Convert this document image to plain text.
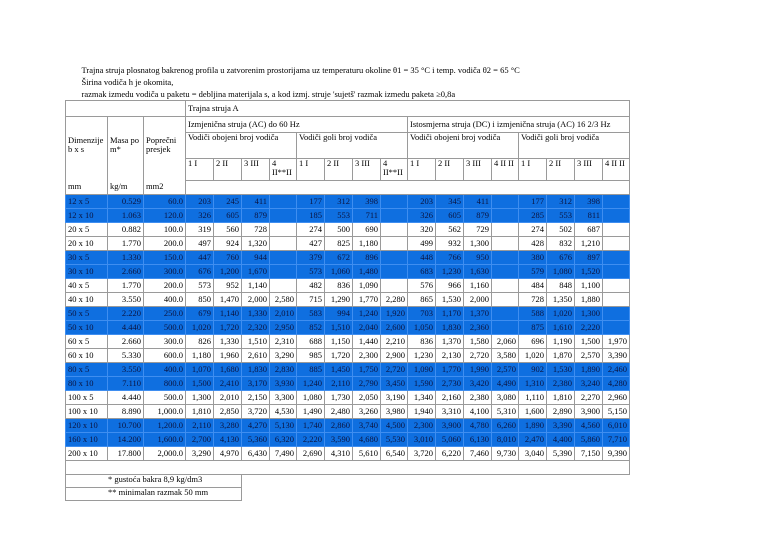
Trajna struja plosnatog bakrenog profila u zatvorenim prostorijama uz temperaturu okoline θ1 = 35 °C i temp. vodiča θ2 = 65 °C
Širina vodiča h je okomita,
razmak izmedu vodiča u paketu = debljina materijala s, a kod izmj. struje 'sujetš' razmak izmedu paketa ≥0,8a																		

			Trajna struja A															
			Izmjenična struja (AC) do 60 Hz								Istosmjerna struja (DC) i izmjenična struja (AC) 16 2/3 Hz							
Dimenzije b x s	Masa po m*	Poprečni presjek	Vodiči obojeni broj vodiča				Vodiči goli broj vodiča				Vodiči obojeni broj vodiča				Vodiči goli broj vodiča			
			1 I	2 II	3 III	4 II**II	1 I	2 II	3 III	4 II**II	1 I	2 II	3 III	4 II II	1 I	2 II	3 III	4 II II
mm	kg/m	mm2																
12 x 5	0.529	60.0	203	245	411		177	312	398		203	345	411		177	312	398	
12 x 10	1.063	120.0	326	605	879		185	553	711		326	605	879		285	553	811	
20 x 5	0.882	100.0	319	560	728		274	500	690		320	562	729		274	502	687	
20 x 10	1.770	200.0	497	924	1,320		427	825	1,180		499	932	1,300		428	832	1,210	
30 x 5	1.330	150.0	447	760	944		379	672	896		448	766	950		380	676	897	
30 x 10	2.660	300.0	676	1,200	1,670		573	1,060	1,480		683	1,230	1,630		579	1,080	1,520	
40 x 5	1.770	200.0	573	952	1,140		482	836	1,090		576	966	1,160		484	848	1,100	
40 x 10	3.550	400.0	850	1,470	2,000	2,580	715	1,290	1,770	2,280	865	1,530	2,000		728	1,350	1,880	
50 x 5	2.220	250.0	679	1,140	1,330	2,010	583	994	1,240	1,920	703	1,170	1,370		588	1,020	1,300	
50 x 10	4.440	500.0	1,020	1,720	2,320	2,950	852	1,510	2,040	2,600	1,050	1,830	2,360		875	1,610	2,220	
60 x 5	2.660	300.0	826	1,330	1,510	2,310	688	1,150	1,440	2,210	836	1,370	1,580	2,060	696	1,190	1,500	1,970
60 x 10	5.330	600.0	1,180	1,960	2,610	3,290	985	1,720	2,300	2,900	1,230	2,130	2,720	3,580	1,020	1,870	2,570	3,390
80 x 5	3.550	400.0	1,070	1,680	1,830	2,830	885	1,450	1,750	2,720	1,090	1,770	1,990	2,570	902	1,530	1,890	2,460
80 x 10	7.110	800.0	1,500	2,410	3,170	3,930	1,240	2,110	2,790	3,450	1,590	2,730	3,420	4,490	1,310	2,380	3,240	4,280
100 x 5	4.440	500.0	1,300	2,010	2,150	3,300	1,080	1,730	2,050	3,190	1,340	2,160	2,380	3,080	1,110	1,810	2,270	2,960
100 x 10	8.890	1,000.0	1,810	2,850	3,720	4,530	1,490	2,480	3,260	3,980	1,940	3,310	4,100	5,310	1,600	2,890	3,900	5,150
120 x 10	10.700	1,200.0	2,110	3,280	4,270	5,130	1,740	2,860	3,740	4,500	2,300	3,900	4,780	6,260	1,890	3,390	4,560	6,010
160 x 10	14.200	1,600.0	2,700	4,130	5,360	6,320	2,220	3,590	4,680	5,530	3,010	5,060	6,130	8,010	2,470	4,400	5,860	7,710
200 x 10	17.800	2,000.0	3,290	4,970	6,430	7,490	2,690	4,310	5,610	6,540	3,720	6,220	7,460	9,730	3,040	5,390	7,150	9,390

* gustoća bakra 8,9 kg/dm3																		
** minimalan razmak 50 mm																		
